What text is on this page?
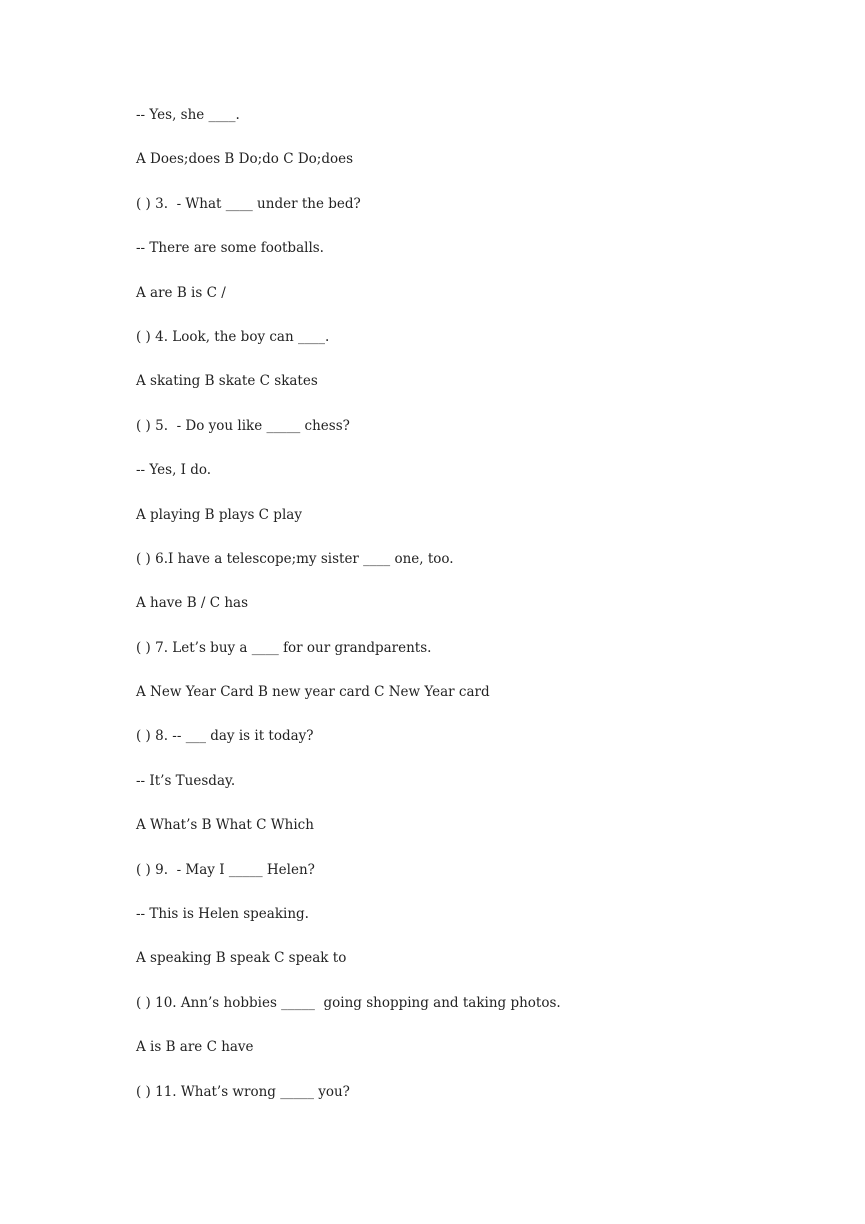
-- Yes, she ____.
A Does;does B Do;do C Do;does
( ) 3.  - What ____ under the bed?
-- There are some footballs.
A are B is C /
( ) 4. Look, the boy can ____.
A skating B skate C skates
( ) 5.  - Do you like _____ chess?
-- Yes, I do.
A playing B plays C play
( ) 6.I have a telescope;my sister ____ one, too.
A have B / C has
( ) 7. Let’s buy a ____ for our grandparents.
A New Year Card B new year card C New Year card
( ) 8. -- ___ day is it today?
-- It’s Tuesday.
A What’s B What C Which
( ) 9.  - May I _____ Helen?
-- This is Helen speaking.
A speaking B speak C speak to
( ) 10. Ann’s hobbies _____  going shopping and taking photos.
A is B are C have
( ) 11. What’s wrong _____ you?
